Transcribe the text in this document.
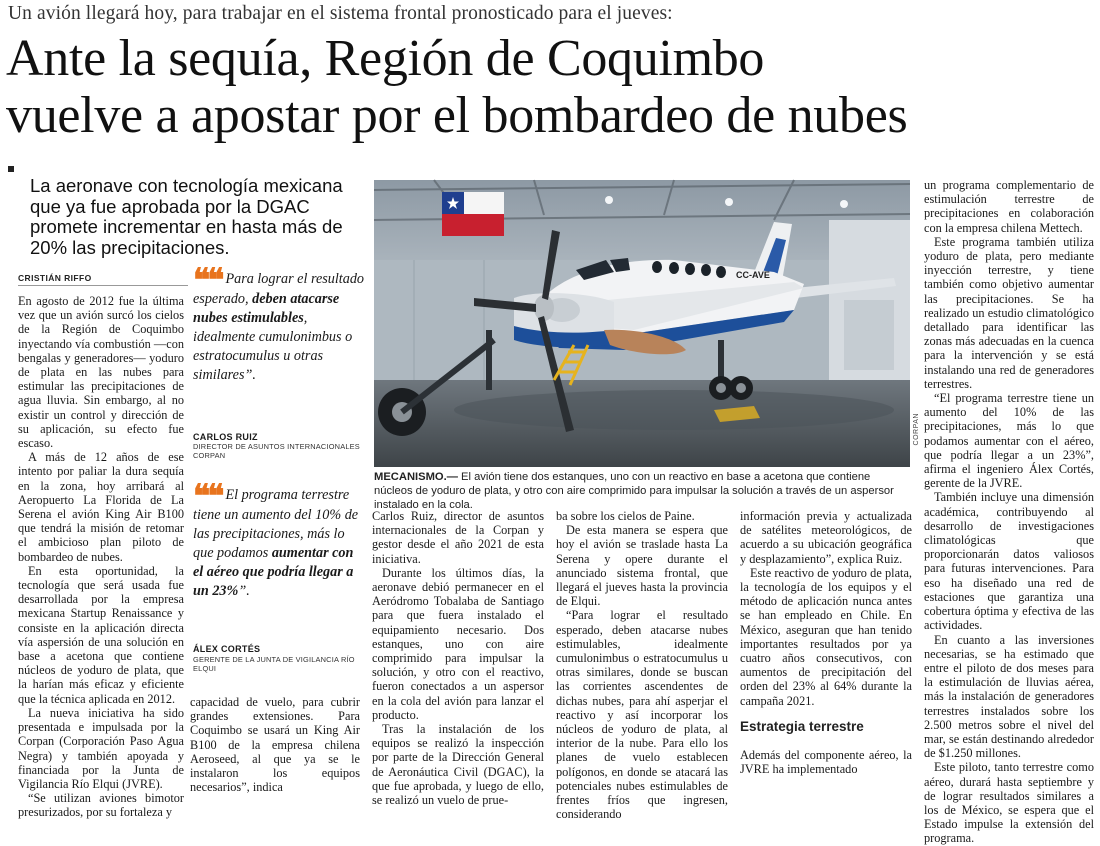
Un avión llegará hoy, para trabajar en el sistema frontal pronosticado para el jueves:
Ante la sequía, Región de Coquimbo
vuelve a apostar por el bombardeo de nubes
La aeronave con tecnología mexicana
que ya fue aprobada por la DGAC
promete incrementar en hasta más de
20% las precipitaciones.
CRISTIÁN RIFFO

En agosto de 2012 fue la última vez que un avión surcó los cielos de la Región de Coquimbo inyectando vía combustión —con bengalas y generadores— yoduro de plata en las nubes para estimular las precipitaciones de agua lluvia. Sin embargo, al no existir un control y dirección de su aplicación, su efecto fue escaso.

A más de 12 años de ese intento por paliar la dura sequía en la zona, hoy arribará al Aeropuerto La Florida de La Serena el avión King Air B100 que tendrá la misión de retomar el ambicioso plan piloto de bombardeo de nubes.

En esta oportunidad, la tecnología que será usada fue desarrollada por la empresa mexicana Startup Renaissance y consiste en la aplicación directa vía aspersión de una solución en base a acetona que contiene núcleos de yoduro de plata, que la harían más eficaz y eficiente que la técnica aplicada en 2012.

La nueva iniciativa ha sido presentada e impulsada por la Corpan (Corporación Paso Agua Negra) y también apoyada y financiada por la Junta de Vigilancia Río Elqui (JVRE).

“Se utilizan aviones bimotor presurizados, por su fortaleza y

❝❝ Para lograr el resultado esperado, deben atacarse nubes estimulables, idealmente cumulonimbus o estratocumulus u otras similares”.
CARLOS RUIZ
DIRECTOR DE ASUNTOS INTERNACIONALES CORPAN
❝❝ El programa terrestre tiene un aumento del 10% de las precipitaciones, más lo que podamos aumentar con el aéreo que podría llegar a un 23%”.
ÁLEX CORTÉS
GERENTE DE LA JUNTA DE VIGILANCIA RÍO ELQUI

capacidad de vuelo, para cubrir grandes extensiones. Para Coquimbo se usará un King Air B100 de la empresa chilena Aeroseed, al que ya se le instalaron los equipos necesarios”, indica

Carlos Ruiz, director de asuntos internacionales de la Corpan y gestor desde el año 2021 de esta iniciativa.

Durante los últimos días, la aeronave debió permanecer en el Aeródromo Tobalaba de Santiago para que fuera instalado el equipamiento necesario. Dos estanques, uno con aire comprimido para impulsar la solución, y otro con el reactivo, fueron conectados a un aspersor en la cola del avión para lanzar el producto.

Tras la instalación de los equipos se realizó la inspección por parte de la Dirección General de Aeronáutica Civil (DGAC), la que fue aprobada, y luego de ello, se realizó un vuelo de prue-

ba sobre los cielos de Paine.

De esta manera se espera que hoy el avión se traslade hasta La Serena y opere durante el anunciado sistema frontal, que llegará el jueves hasta la provincia de Elqui.

“Para lograr el resultado esperado, deben atacarse nubes estimulables, idealmente cumulonimbus o estratocumulus u otras similares, donde se buscan las corrientes ascendentes de dichas nubes, para ahí asperjar el reactivo y así incorporar los núcleos de yoduro de plata, al interior de la nube. Para ello los planes de vuelo establecen polígonos, en donde se atacará las potenciales nubes estimulables de frentes fríos que ingresen, considerando

información previa y actualizada de satélites meteorológicos, de acuerdo a su ubicación geográfica y desplazamiento”, explica Ruiz.

Este reactivo de yoduro de plata, la tecnología de los equipos y el método de aplicación nunca antes se han empleado en Chile. En México, aseguran que han tenido importantes resultados por ya cuatro años consecutivos, con aumentos de precipitación del orden del 23% al 64% durante la campaña 2021.

Estrategia terrestre

Además del componente aéreo, la JVRE ha implementado

un programa complementario de estimulación terrestre de precipitaciones en colaboración con la empresa chilena Mettech.

Este programa también utiliza yoduro de plata, pero mediante inyección terrestre, y tiene también como objetivo aumentar las precipitaciones. Se ha realizado un estudio climatológico detallado para identificar las zonas más adecuadas en la cuenca para la intervención y se está instalando una red de generadores terrestres.

“El programa terrestre tiene un aumento del 10% de las precipitaciones, más lo que podamos aumentar con el aéreo, que podría llegar a un 23%”, afirma el ingeniero Álex Cortés, gerente de la JVRE.

También incluye una dimensión académica, contribuyendo al desarrollo de investigaciones climatológicas que proporcionarán datos valiosos para futuras intervenciones. Para eso ha diseñado una red de estaciones que garantiza una cobertura óptima y efectiva de las actividades.

En cuanto a las inversiones necesarias, se ha estimado que entre el piloto de dos meses para la estimulación de lluvias aérea, más la instalación de generadores terrestres instalados sobre los 2.500 metros sobre el nivel del mar, se están destinando alrededor de $1.250 millones.

Este piloto, tanto terrestre como aéreo, durará hasta septiembre y de lograr resultados similares a los de México, se espera que el Estado impulse la extensión del programa.

CC-AVE
CORPAN
MECANISMO.— El avión tiene dos estanques, uno con un reactivo en base a acetona que contiene núcleos de yoduro de plata, y otro con aire comprimido para impulsar la solución a través de un aspersor instalado en la cola.
